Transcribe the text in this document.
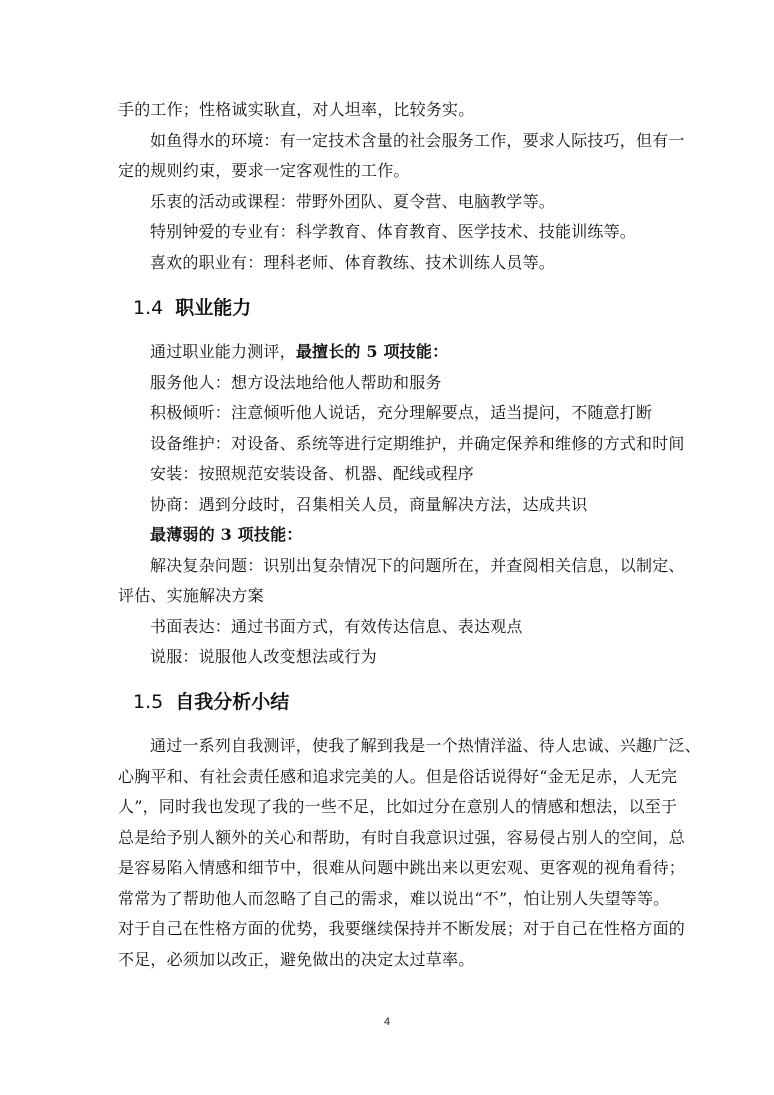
手的工作；性格诚实耿直，对人坦率，比较务实。
如鱼得水的环境：有一定技术含量的社会服务工作，要求人际技巧，但有一
定的规则约束，要求一定客观性的工作。
乐衷的活动或课程：带野外团队、夏令营、电脑教学等。
特别钟爱的专业有：科学教育、体育教育、医学技术、技能训练等。
喜欢的职业有：理科老师、体育教练、技术训练人员等。
1.4 职业能力
通过职业能力测评，最擅长的 5 项技能：
服务他人：想方设法地给他人帮助和服务
积极倾听：注意倾听他人说话，充分理解要点，适当提问，不随意打断
设备维护：对设备、系统等进行定期维护，并确定保养和维修的方式和时间
安装：按照规范安装设备、机器、配线或程序
协商：遇到分歧时，召集相关人员，商量解决方法，达成共识
最薄弱的 3 项技能：
解决复杂问题：识别出复杂情况下的问题所在，并查阅相关信息，以制定、
评估、实施解决方案
书面表达：通过书面方式，有效传达信息、表达观点
说服：说服他人改变想法或行为
1.5 自我分析小结
通过一系列自我测评，使我了解到我是一个热情洋溢、待人忠诚、兴趣广泛、
心胸平和、有社会责任感和追求完美的人。但是俗话说得好“金无足赤，人无完
人”，同时我也发现了我的一些不足，比如过分在意别人的情感和想法，以至于
总是给予别人额外的关心和帮助，有时自我意识过强，容易侵占别人的空间，总
是容易陷入情感和细节中，很难从问题中跳出来以更宏观、更客观的视角看待；
常常为了帮助他人而忽略了自己的需求，难以说出“不”，怕让别人失望等等。
对于自己在性格方面的优势，我要继续保持并不断发展；对于自己在性格方面的
不足，必须加以改正，避免做出的决定太过草率。
4
